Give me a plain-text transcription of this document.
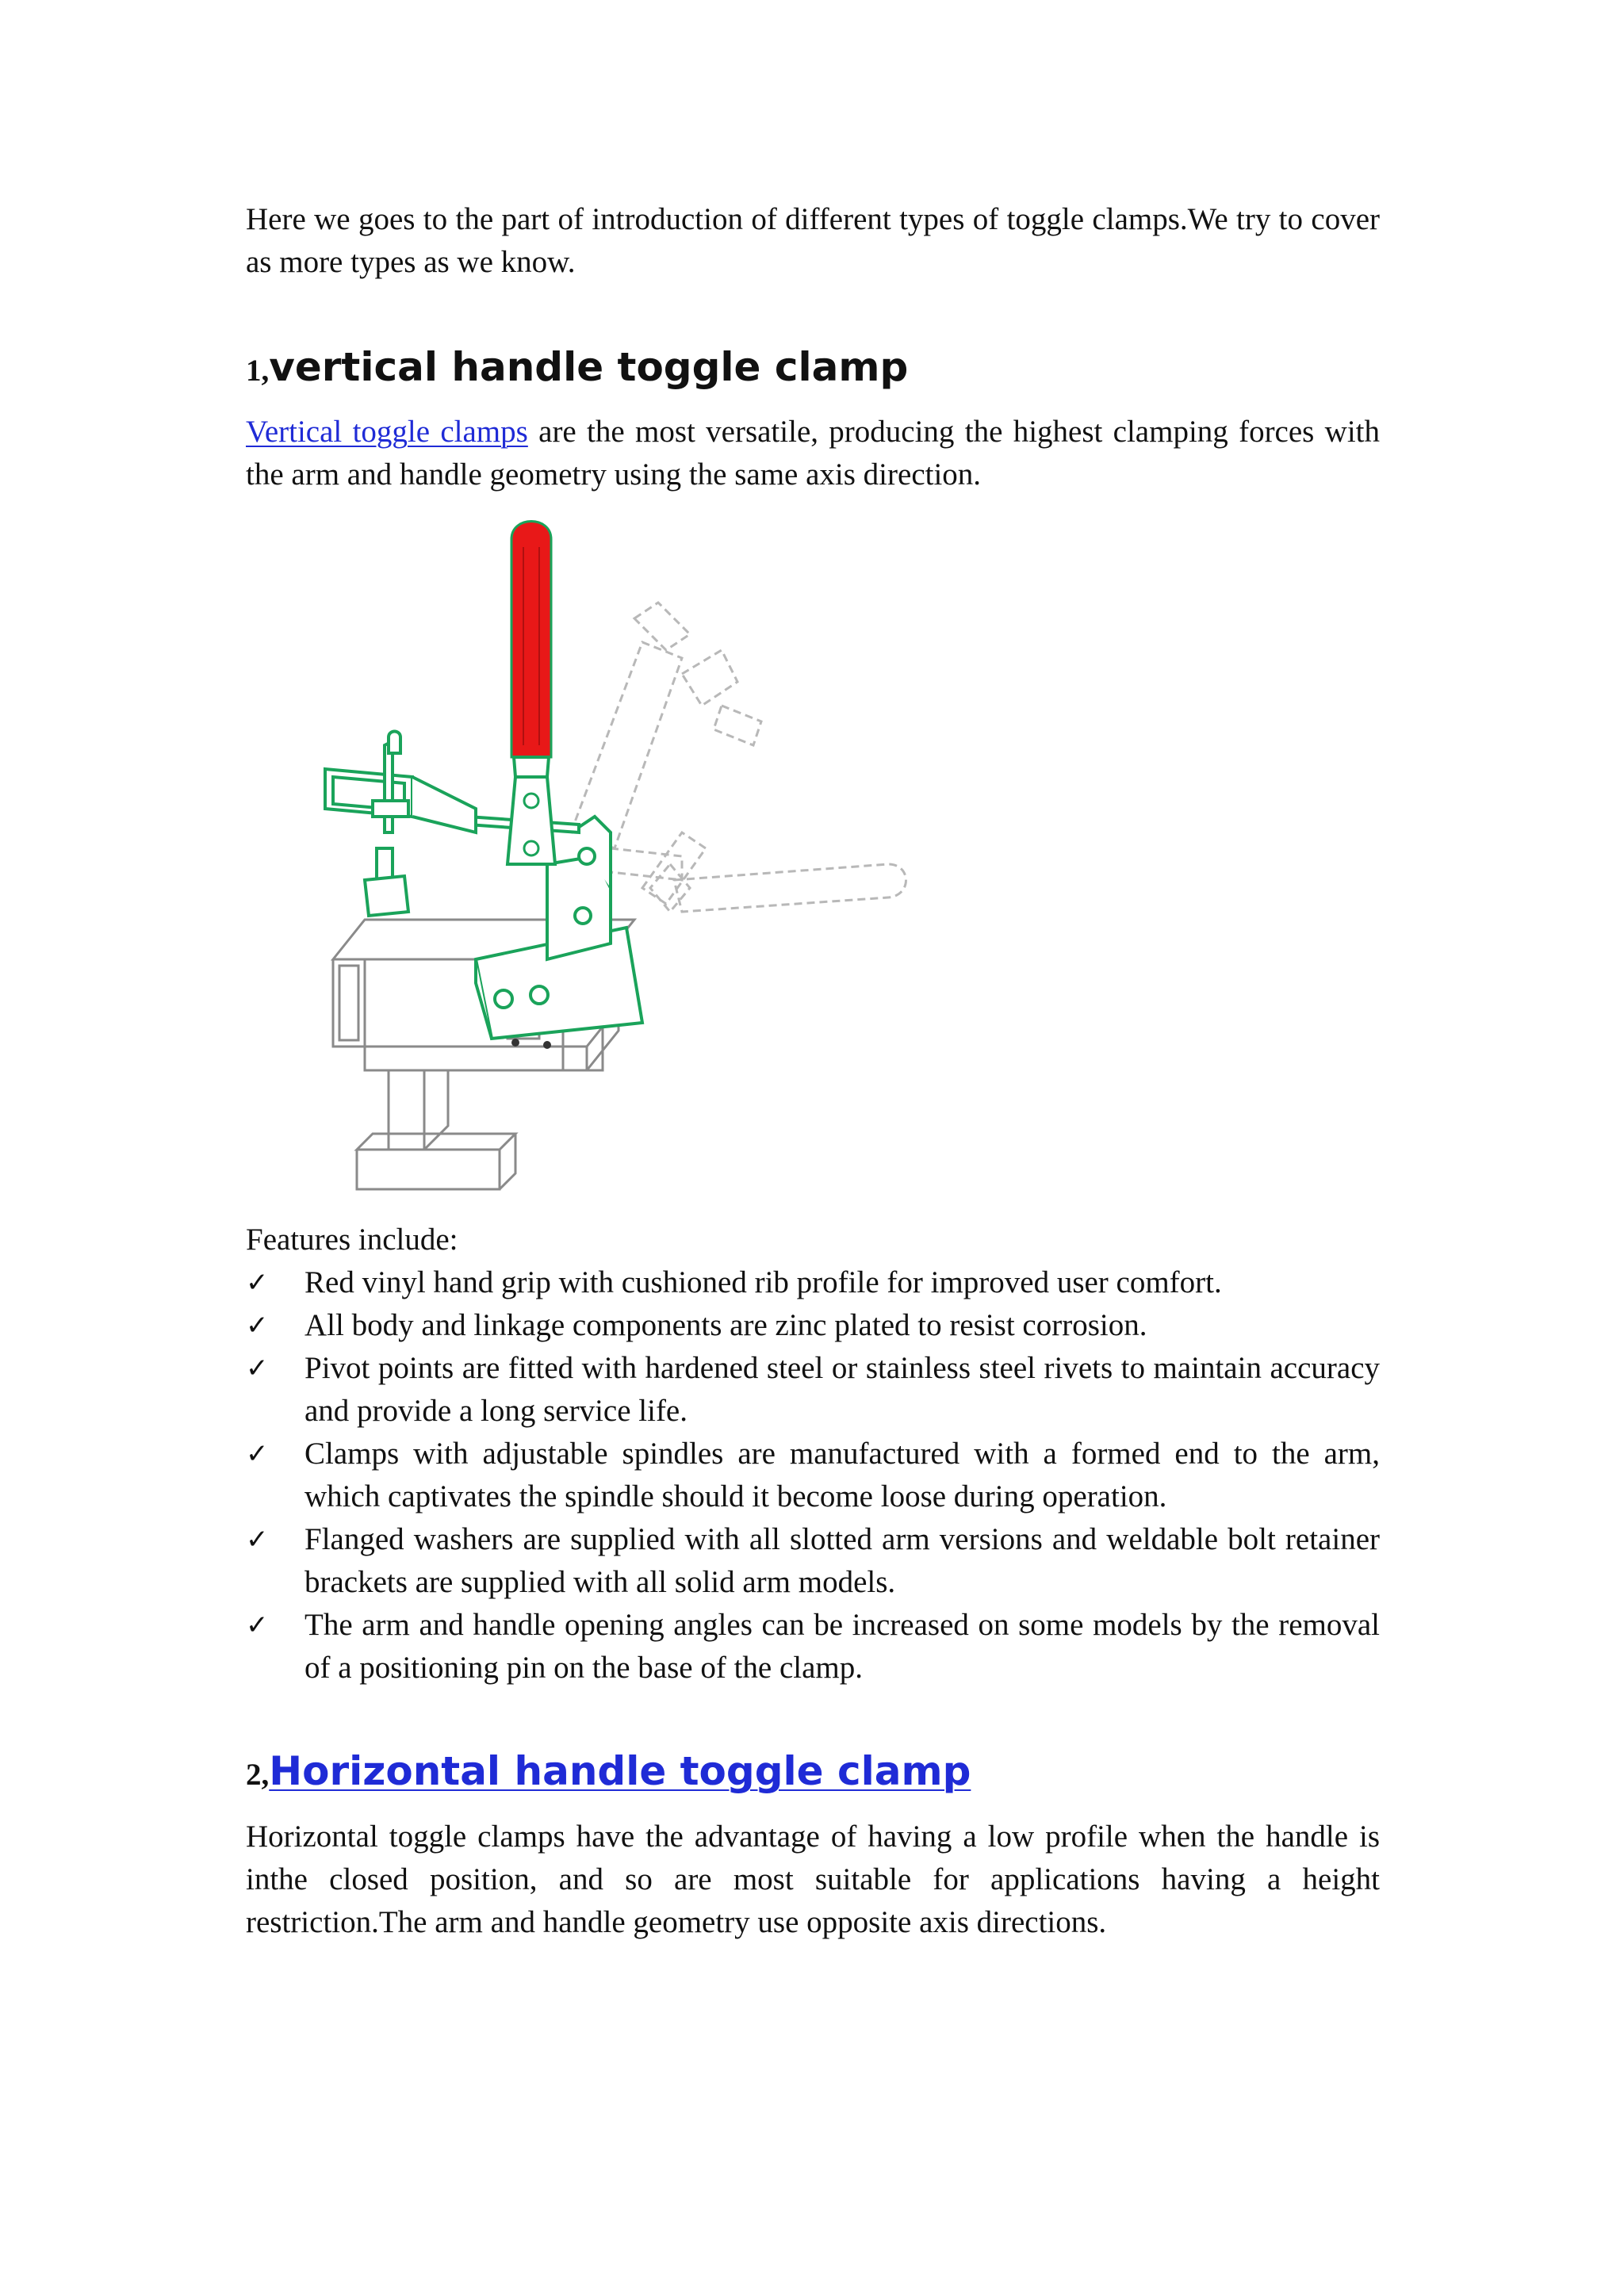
Here we goes to the part of introduction of different types of toggle clamps.We try to cover as more types as we know.

1,vertical handle toggle clamp

Vertical toggle clamps are the most versatile, producing the highest clamping forces with the arm and handle geometry using the same axis direction.

Features include:
✓ Red vinyl hand grip with cushioned rib profile for improved user comfort.
✓ All body and linkage components are zinc plated to resist corrosion.
✓ Pivot points are fitted with hardened steel or stainless steel rivets to maintain accuracy and provide a long service life.
✓ Clamps with adjustable spindles are manufactured with a formed end to the arm, which captivates the spindle should it become loose during operation.
✓ Flanged washers are supplied with all slotted arm versions and weldable bolt retainer brackets are supplied with all solid arm models.
✓ The arm and handle opening angles can be increased on some models by the removal of a positioning pin on the base of the clamp.
2,Horizontal handle toggle clamp

Horizontal toggle clamps have the advantage of having a low profile when the handle is inthe closed position, and so are most suitable for applications having a height restriction.The arm and handle geometry use opposite axis directions.
